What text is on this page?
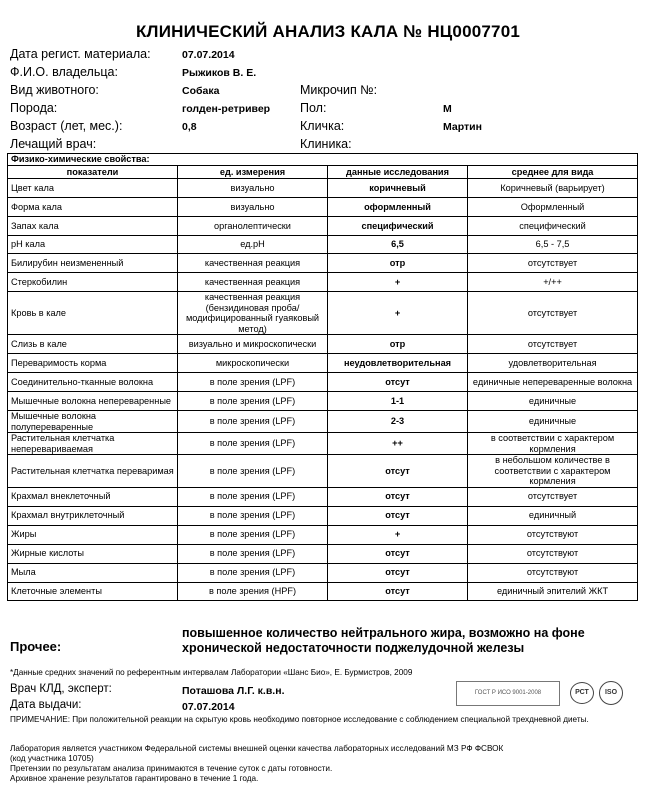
КЛИНИЧЕСКИЙ АНАЛИЗ КАЛА № НЦ0007701
Дата регист. материала:	07.07.2014
Ф.И.О. владельца:	Рыжиков В. Е.
Вид животного:	Собака	Микрочип №:
Порода:	голден-ретривер Пол:	М
Возраст (лет, мес.):	0,8	Кличка:	Мартин
Лечащий врач:	Клиника:
Физико-химические свойства:			
показатели	ед. измерения	данные исследования	среднее для вида
Цвет кала	визуально	коричневый	Коричневый (варьирует)
Форма кала	визуально	оформленный	Оформленный
Запах кала	органолептически	специфический	специфический
pH кала	ед.pH	6,5	6,5 - 7,5
Билирубин неизмененный	качественная реакция	отр	отсутствует
Стеркобилин	качественная реакция	+	+/++
Кровь в кале	качественная реакция (бензидиновая проба/модифицированный гуаяковый метод)	+	отсутствует
Слизь в кале	визуально и микроскопически	отр	отсутствует
Переваримость корма	микроскопически	неудовлетворительная	удовлетворительная
Соединительно-тканные волокна	в поле зрения (LPF)	отсут	единичные непереваренные волокна
Мышечные волокна непереваренные	в поле зрения (LPF)	1-1	единичные
Мышечные волокна полупереваренные	в поле зрения (LPF)	2-3	единичные
Растительная клетчатка неперевариваемая	в поле зрения (LPF)	++	в соответствии с характером кормления
Растительная клетчатка переваримая	в поле зрения (LPF)	отсут	в небольшом количестве в соответствии с характером кормления
Крахмал внеклеточный	в поле зрения (LPF)	отсут	отсутствует
Крахмал внутриклеточный	в поле зрения (LPF)	отсут	единичный
Жиры	в поле зрения (LPF)	+	отсутствуют
Жирные кислоты	в поле зрения (LPF)	отсут	отсутствуют
Мыла	в поле зрения (LPF)	отсут	отсутствуют
Клеточные элементы	в поле зрения (HPF)	отсут	единичный эпителий ЖКТ
Прочее:
повышенное количество нейтрального жира, возможно на фоне хронической недостаточности поджелудочной железы
*Данные средних значений по референтным интервалам Лаборатории «Шанс Био», Е. Бурмистров, 2009
Врач КЛД, эксперт:	Поташова Л.Г. к.в.н.
Дата выдачи:	07.07.2014
ГОСТ Р ИСО 9001-2008	РСТ	ISO
ПРИМЕЧАНИЕ: При положительной реакции на скрытую кровь необходимо повторное исследование с соблюдением специальной трехдневной диеты.
Лаборатория является участником Федеральной системы внешней оценки качества лабораторных исследований МЗ РФ ФСВОК
(код участника 10705)
Претензии по результатам анализа принимаются в течение суток с даты готовности.
Архивное хранение результатов гарантировано в течение 1 года.
